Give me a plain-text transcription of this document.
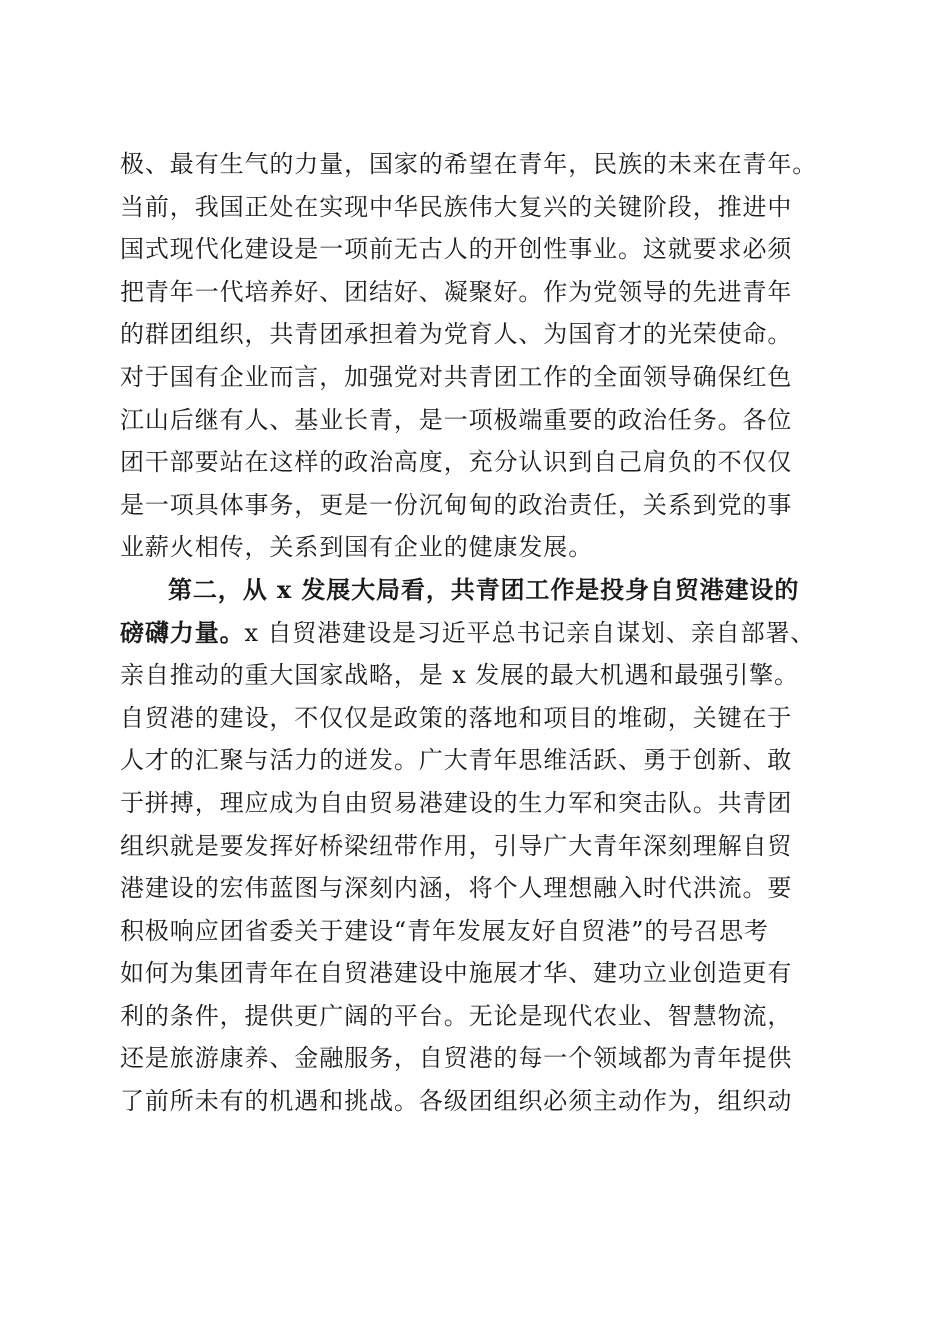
极、最有生气的力量，国家的希望在青年，民族的未来在青年。
当前，我国正处在实现中华民族伟大复兴的关键阶段，推进中
国式现代化建设是一项前无古人的开创性事业。这就要求必须
把青年一代培养好、团结好、凝聚好。作为党领导的先进青年
的群团组织，共青团承担着为党育人、为国育才的光荣使命。
对于国有企业而言，加强党对共青团工作的全面领导确保红色
江山后继有人、基业长青，是一项极端重要的政治任务。各位
团干部要站在这样的政治高度，充分认识到自己肩负的不仅仅
是一项具体事务，更是一份沉甸甸的政治责任，关系到党的事
业薪火相传，关系到国有企业的健康发展。
第二，从 x 发展大局看，共青团工作是投身自贸港建设的
磅礴力量。x 自贸港建设是习近平总书记亲自谋划、亲自部署、
亲自推动的重大国家战略，是 x 发展的最大机遇和最强引擎。
自贸港的建设，不仅仅是政策的落地和项目的堆砌，关键在于
人才的汇聚与活力的迸发。广大青年思维活跃、勇于创新、敢
于拼搏，理应成为自由贸易港建设的生力军和突击队。共青团
组织就是要发挥好桥梁纽带作用，引导广大青年深刻理解自贸
港建设的宏伟蓝图与深刻内涵，将个人理想融入时代洪流。要
积极响应团省委关于建设“青年发展友好自贸港”的号召思考
如何为集团青年在自贸港建设中施展才华、建功立业创造更有
利的条件，提供更广阔的平台。无论是现代农业、智慧物流，
还是旅游康养、金融服务，自贸港的每一个领域都为青年提供
了前所未有的机遇和挑战。各级团组织必须主动作为，组织动
